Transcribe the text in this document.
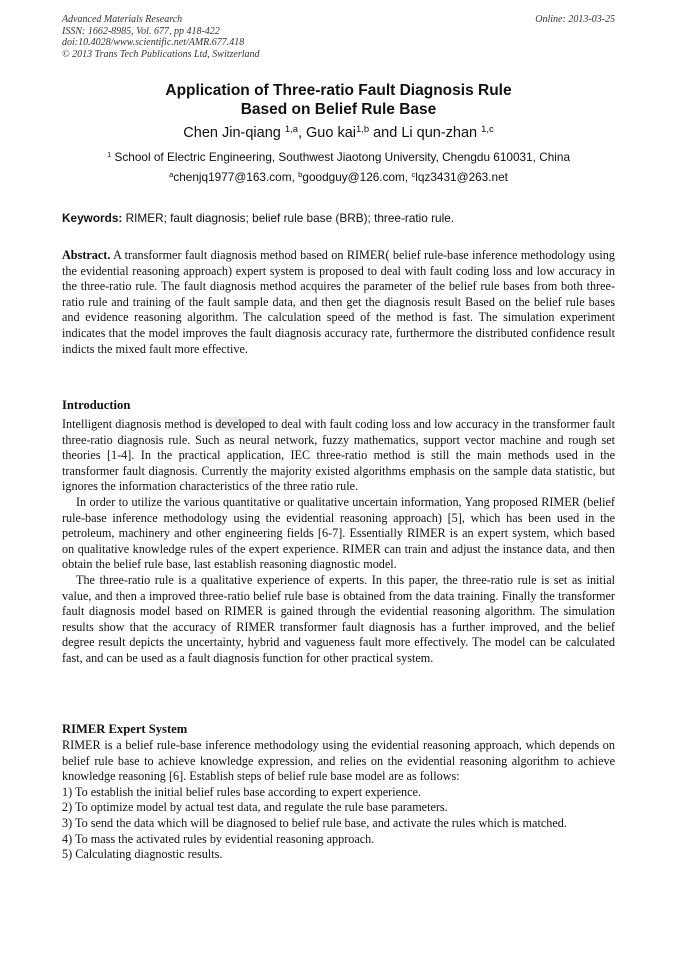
Advanced Materials Research
ISSN: 1662-8985, Vol. 677, pp 418-422
doi:10.4028/www.scientific.net/AMR.677.418
© 2013 Trans Tech Publications Ltd, Switzerland
Online: 2013-03-25
Application of Three-ratio Fault Diagnosis Rule
Based on Belief Rule Base
Chen Jin-qiang $^{1,a}$, Guo kai$^{1,b}$ and Li qun-zhan $^{1,c}$
$^1$ School of Electric Engineering, Southwest Jiaotong University, Chengdu 610031, China
$^a$chenjq1977@163.com, $^b$goodguy@126.com, $^c$lqz3431@263.net
Keywords: RIMER; fault diagnosis; belief rule base (BRB); three-ratio rule.
Abstract. A transformer fault diagnosis method based on RIMER( belief rule-base inference methodology using the evidential reasoning approach) expert system is proposed to deal with fault coding loss and low accuracy in the three-ratio rule. The fault diagnosis method acquires the parameter of the belief rule bases from both three-ratio rule and training of the fault sample data, and then get the diagnosis result Based on the belief rule bases and evidence reasoning algorithm. The calculation speed of the method is fast. The simulation experiment indicates that the model improves the fault diagnosis accuracy rate, furthermore the distributed confidence result indicts the mixed fault more effective.
Introduction

Intelligent diagnosis method is developed to deal with fault coding loss and low accuracy in the transformer fault three-ratio diagnosis rule. Such as neural network, fuzzy mathematics, support vector machine and rough set theories [1-4]. In the practical application, IEC three-ratio method is still the main methods used in the transformer fault diagnosis. Currently the majority existed algorithms emphasis on the sample data statistic, but ignores the information characteristics of the three ratio rule.

In order to utilize the various quantitative or qualitative uncertain information, Yang proposed RIMER (belief rule-base inference methodology using the evidential reasoning approach) [5], which has been used in the petroleum, machinery and other engineering fields [6-7]. Essentially RIMER is an expert system, which based on qualitative knowledge rules of the expert experience. RIMER can train and adjust the instance data, and then obtain the belief rule base, last establish reasoning diagnostic model.

The three-ratio rule is a qualitative experience of experts. In this paper, the three-ratio rule is set as initial value, and then a improved three-ratio belief rule base is obtained from the data training. Finally the transformer fault diagnosis model based on RIMER is gained through the evidential reasoning algorithm. The simulation results show that the accuracy of RIMER transformer fault diagnosis has a further improved, and the belief degree result depicts the uncertainty, hybrid and vagueness fault more effectively. The model can be calculated fast, and can be used as a fault diagnosis function for other practical system.

RIMER Expert System

RIMER is a belief rule-base inference methodology using the evidential reasoning approach, which depends on belief rule base to achieve knowledge expression, and relies on the evidential reasoning algorithm to achieve knowledge reasoning [6]. Establish steps of belief rule base model are as follows:

1) To establish the initial belief rules base according to expert experience.
2) To optimize model by actual test data, and regulate the rule base parameters.
3) To send the data which will be diagnosed to belief rule base, and activate the rules which is matched.
4) To mass the activated rules by evidential reasoning approach.
5) Calculating diagnostic results.
